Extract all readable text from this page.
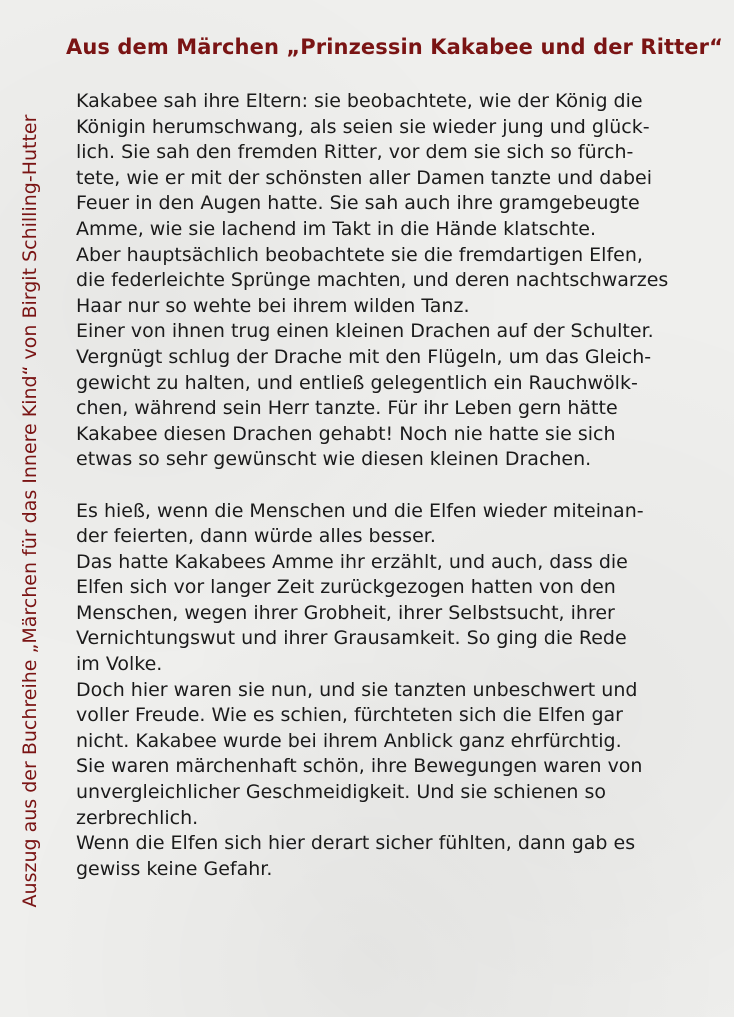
Aus dem Märchen „Prinzessin Kakabee und der Ritter“

Auszug aus der Buchreihe „Märchen für das Innere Kind“ von Birgit Schilling-Hutter

Kakabee sah ihre Eltern: sie beobachtete, wie der König die

Königin herumschwang, als seien sie wieder jung und glück-

lich. Sie sah den fremden Ritter, vor dem sie sich so fürch-

tete, wie er mit der schönsten aller Damen tanzte und dabei

Feuer in den Augen hatte. Sie sah auch ihre gramgebeugte

Amme, wie sie lachend im Takt in die Hände klatschte.

Aber hauptsächlich beobachtete sie die fremdartigen Elfen,

die federleichte Sprünge machten, und deren nachtschwarzes

Haar nur so wehte bei ihrem wilden Tanz.

Einer von ihnen trug einen kleinen Drachen auf der Schulter.

Vergnügt schlug der Drache mit den Flügeln, um das Gleich-

gewicht zu halten, und entließ gelegentlich ein Rauchwölk-

chen, während sein Herr tanzte. Für ihr Leben gern hätte

Kakabee diesen Drachen gehabt! Noch nie hatte sie sich

etwas so sehr gewünscht wie diesen kleinen Drachen.

Es hieß, wenn die Menschen und die Elfen wieder miteinan-

der feierten, dann würde alles besser.

Das hatte Kakabees Amme ihr erzählt, und auch, dass die

Elfen sich vor langer Zeit zurückgezogen hatten von den

Menschen, wegen ihrer Grobheit, ihrer Selbstsucht, ihrer

Vernichtungswut und ihrer Grausamkeit. So ging die Rede

im Volke.

Doch hier waren sie nun, und sie tanzten unbeschwert und

voller Freude. Wie es schien, fürchteten sich die Elfen gar

nicht. Kakabee wurde bei ihrem Anblick ganz ehrfürchtig.

Sie waren märchenhaft schön, ihre Bewegungen waren von

unvergleichlicher Geschmeidigkeit. Und sie schienen so

zerbrechlich.

Wenn die Elfen sich hier derart sicher fühlten, dann gab es

gewiss keine Gefahr.
